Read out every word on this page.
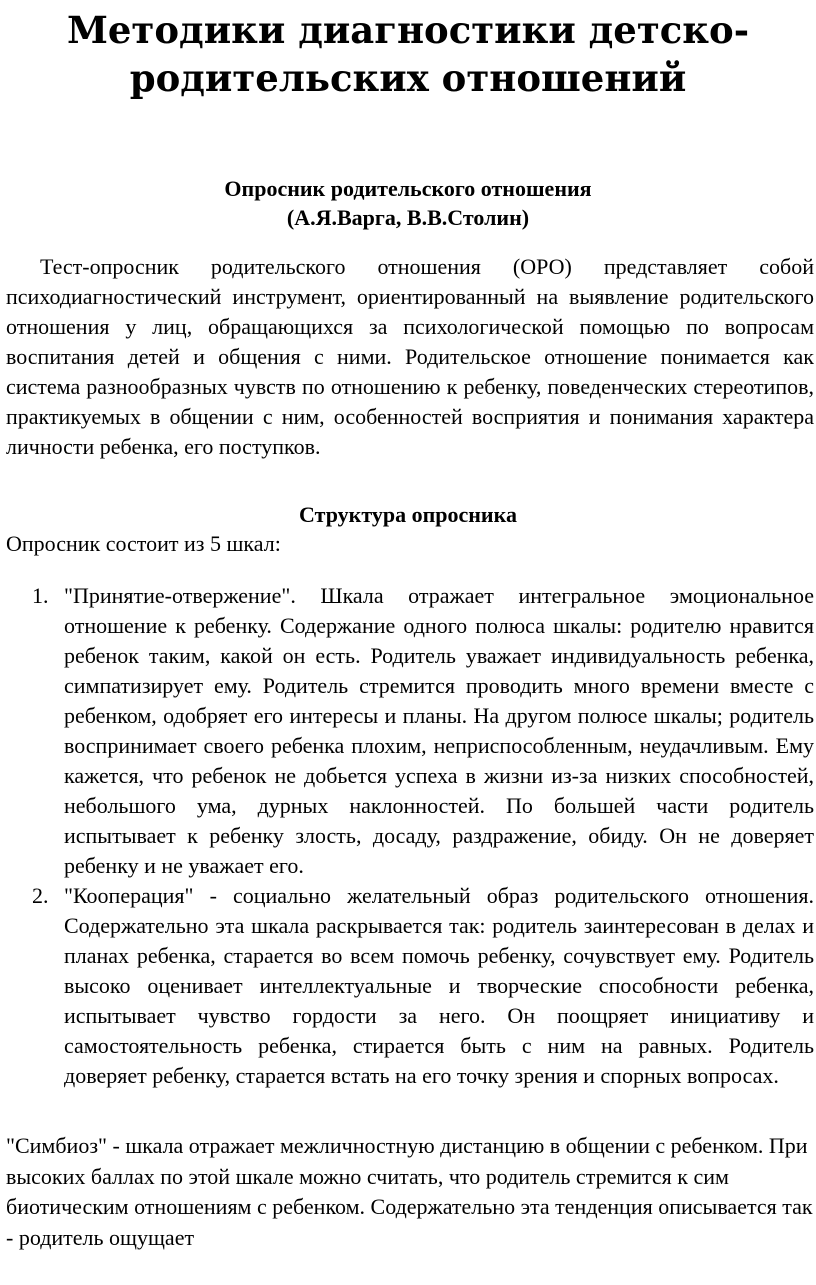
Методики диагностики детско-родительских отношений
Опросник родительского отношения
(А.Я.Варга, В.В.Столин)

Тест-опросник родительского отношения (ОРО) представляет собой психодиагностический инструмент, ориентированный на выявление родительского отношения у лиц, обращающихся за психологической помощью по вопросам воспитания детей и общения с ними. Родительское отношение понимается как система разнообразных чувств по отношению к ребенку, поведенческих стереотипов, практикуемых в общении с ним, особенностей восприятия и понимания характера личности ребенка, его поступков.

Структура опросника

Опросник состоит из 5 шкал:

1. "Принятие-отвержение". Шкала отражает интегральное эмоциональное отношение к ребенку. Содержание одного полюса шкалы: родителю нравится ребенок таким, какой он есть. Родитель уважает индивидуальность ребенка, симпатизирует ему. Родитель стремится проводить много времени вместе с ребенком, одобряет его интересы и планы. На другом полюсе шкалы; родитель воспринимает своего ребенка плохим, неприспособленным, неудачливым. Ему кажется, что ребенок не добьется успеха в жизни из-за низких способностей, небольшого ума, дурных наклонностей. По большей части родитель испытывает к ребенку злость, досаду, раздражение, обиду. Он не доверяет ребенку и не уважает его.
2. "Кооперация" - социально желательный образ родительского отношения. Содержательно эта шкала раскрывается так: родитель заинтересован в делах и планах ребенка, старается во всем помочь ребенку, сочувствует ему. Родитель высоко оценивает интеллектуальные и творческие способности ребенка, испытывает чувство гордости за него. Он поощряет инициативу и самостоятельность ребенка, стирается быть с ним на равных. Родитель доверяет ребенку, старается встать на его точку зрения и спорных вопросах.

"Симбиоз" - шкала отражает межличностную дистанцию в общении с ребенком. При высоких баллах по этой шкале можно считать, что родитель стремится к сим биотическим отношениям с ребенком. Содержательно эта тенденция описывается так - родитель ощущает
